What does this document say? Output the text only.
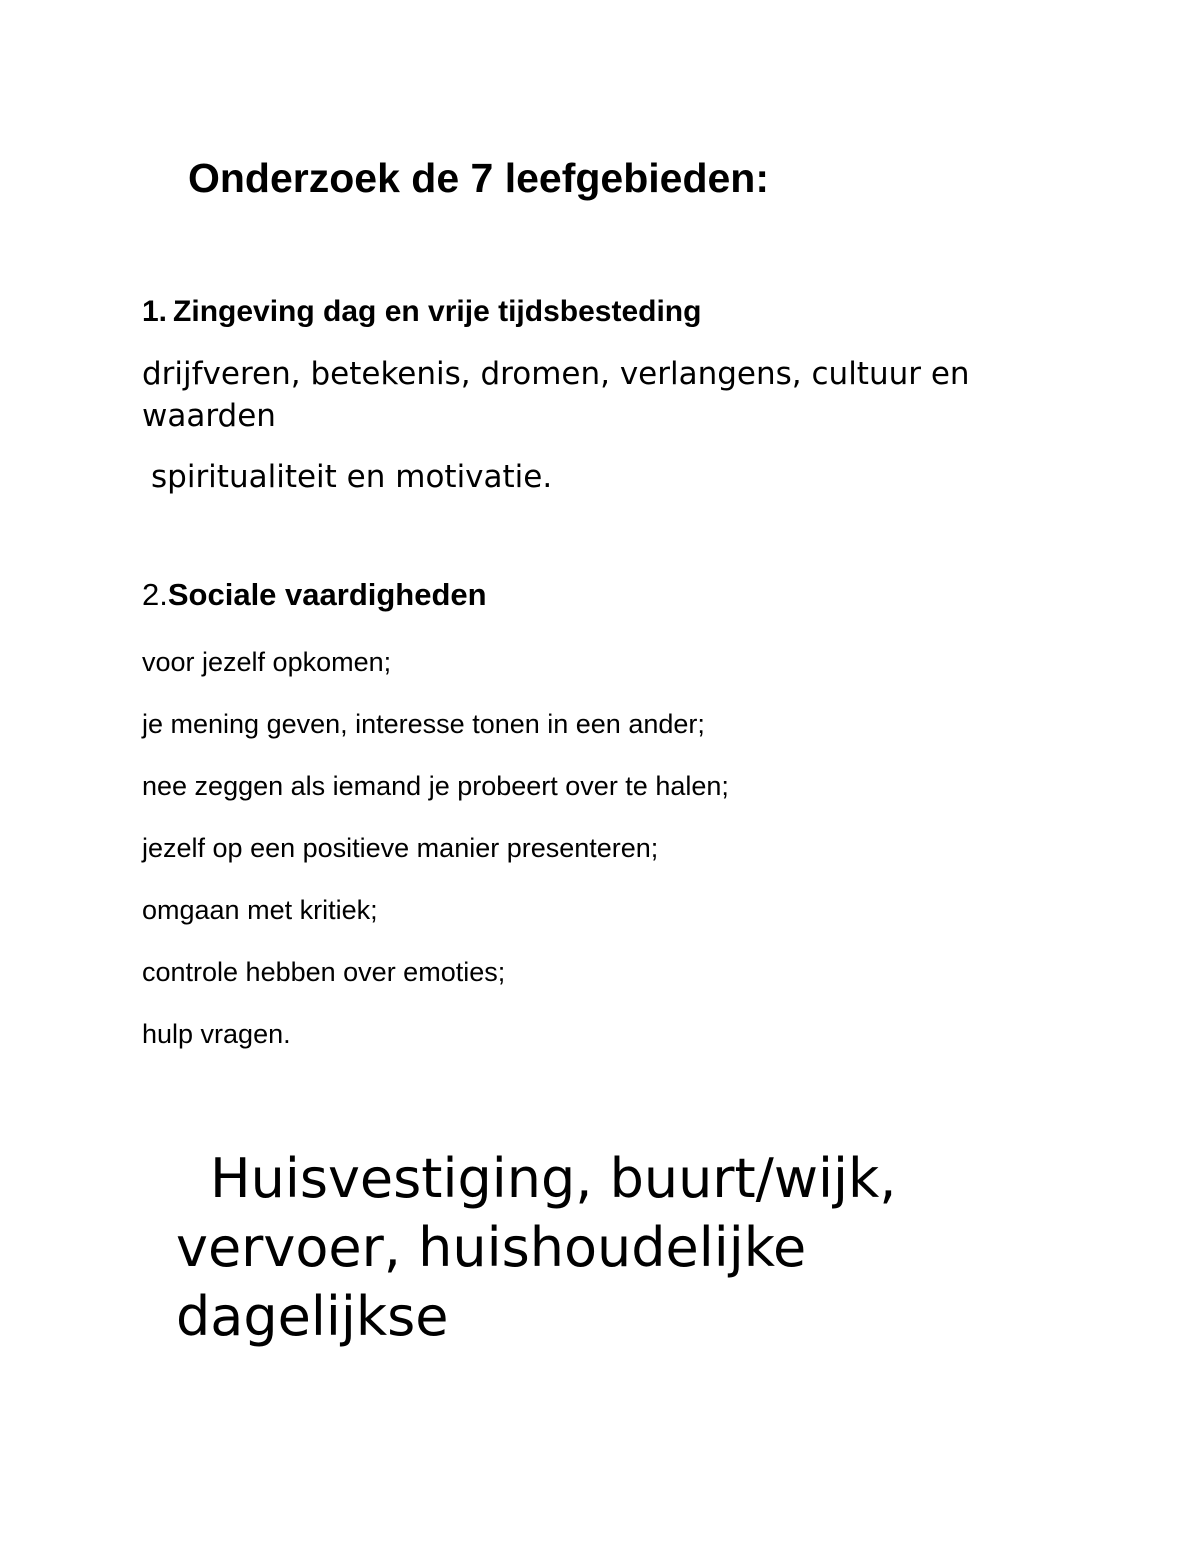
Onderzoek de 7 leefgebieden:
1. Zingeving dag en vrije tijdsbesteding

drijfveren, betekenis, dromen, verlangens, cultuur en waarden

spiritualiteit en motivatie.

2.Sociale vaardigheden
voor jezelf opkomen;
je mening geven, interesse tonen in een ander;
nee zeggen als iemand je probeert over te halen;
jezelf op een positieve manier presenteren;
omgaan met kritiek;
controle hebben over emoties;
hulp vragen.
Huisvestiging, buurt/wijk, vervoer, huishoudelijke dagelijkse
